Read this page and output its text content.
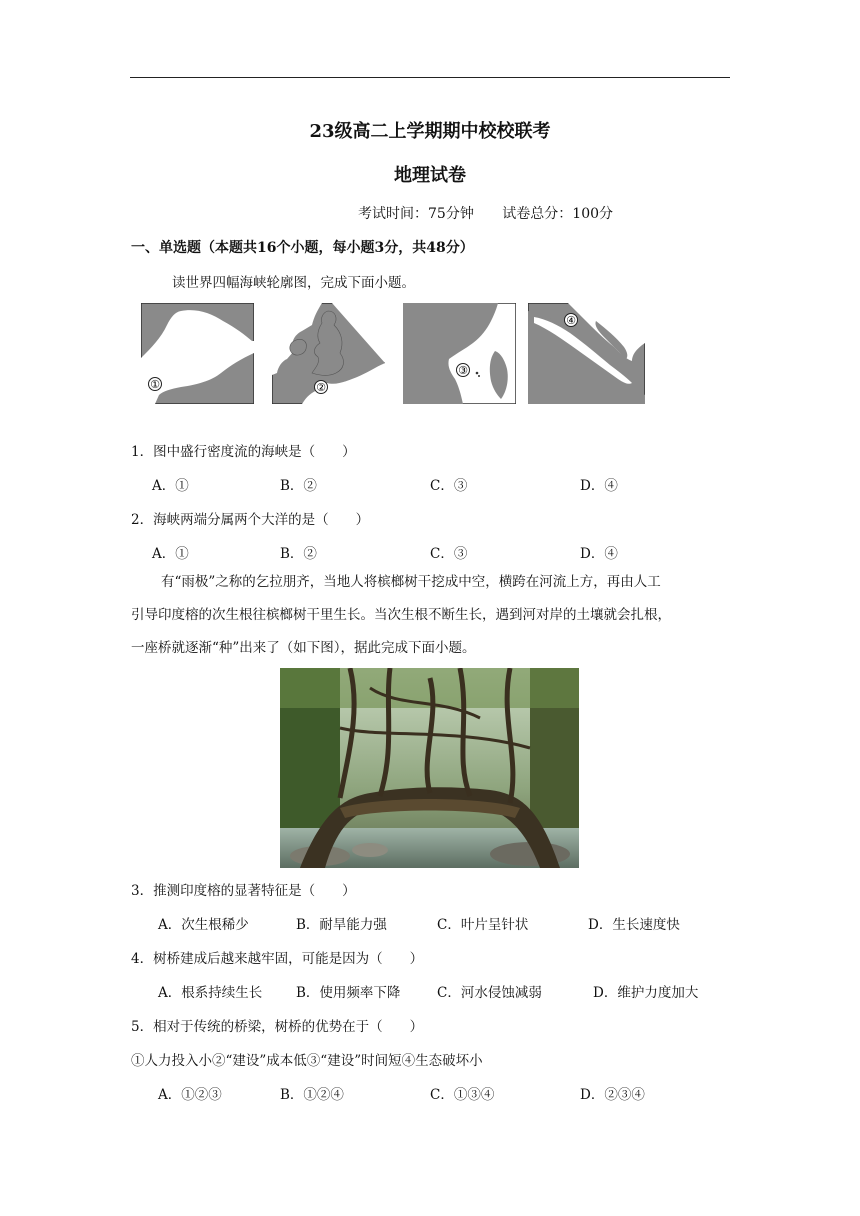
23级高二上学期期中校校联考
地理试卷
考试时间：75分钟 试卷总分：100分
一、单选题（本题共16个小题，每小题3分，共48分）
读世界四幅海峡轮廓图，完成下面小题。
①	②
③
④
1．图中盛行密度流的海峡是（　　）
A．①	B．②	C．③	D．④
2．海峡两端分属两个大洋的是（　　）
A．①	B．②	C．③	D．④
有“雨极”之称的乞拉朋齐，当地人将槟榔树干挖成中空，横跨在河流上方，再由人工
引导印度榕的次生根往槟榔树干里生长。当次生根不断生长，遇到河对岸的土壤就会扎根，
一座桥就逐渐“种”出来了（如下图），据此完成下面小题。
3．推测印度榕的显著特征是（　　）
A．次生根稀少	B．耐旱能力强	C．叶片呈针状	D．生长速度快
4．树桥建成后越来越牢固，可能是因为（　　）
A．根系持续生长	B．使用频率下降	C．河水侵蚀减弱	D．维护力度加大
5．相对于传统的桥梁，树桥的优势在于（　　）
①人力投入小②“建设”成本低③“建设”时间短④生态破坏小
A．①②③	B．①②④	C．①③④	D．②③④
